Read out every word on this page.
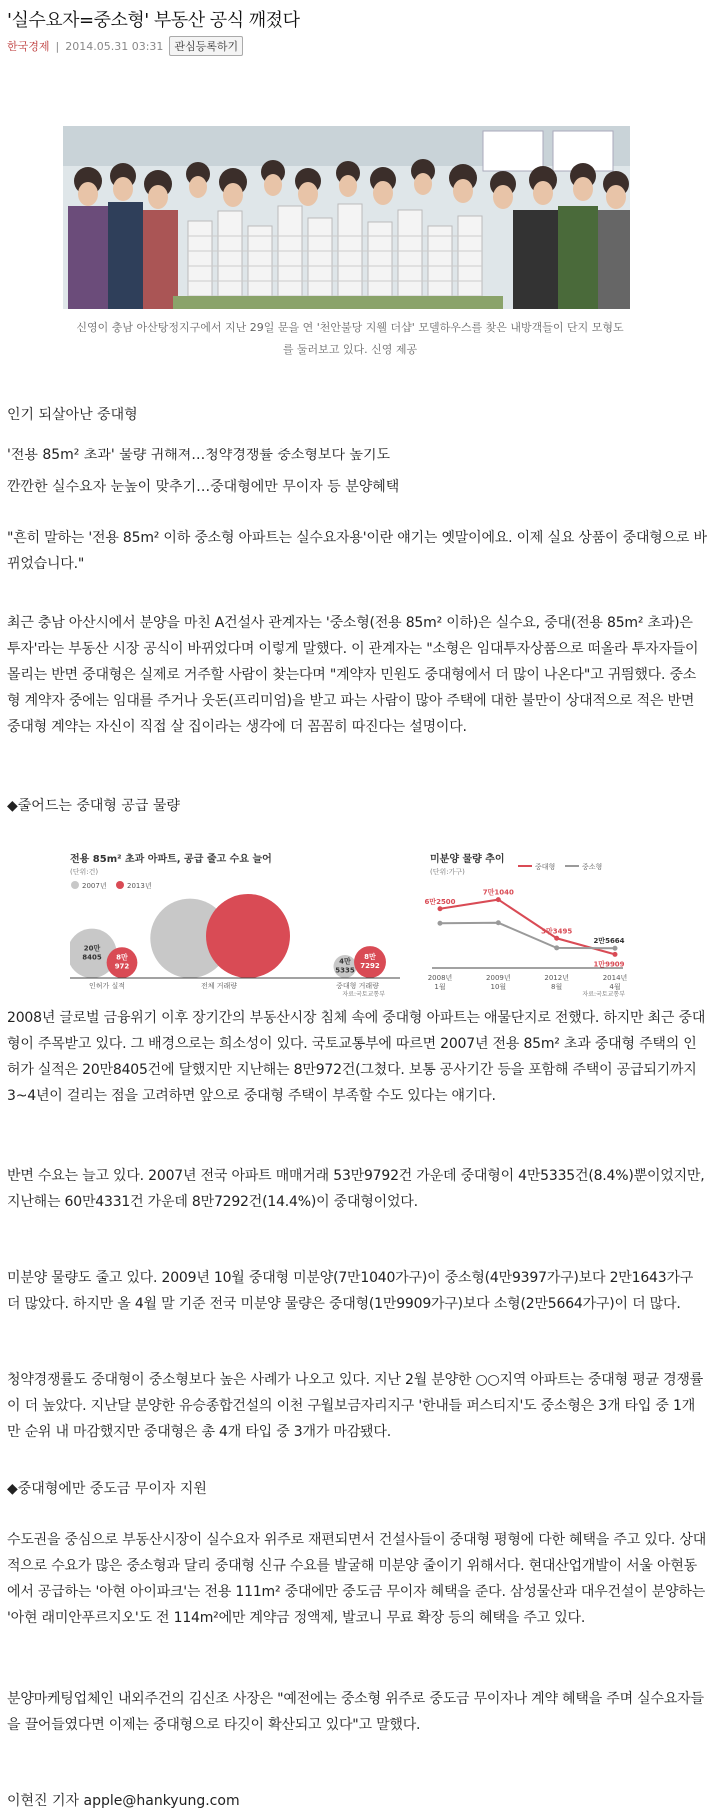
'실수요자=중소형' 부동산 공식 깨졌다
한국경제 | 2014.05.31 03:31	관심등록하기
신영이 충남 아산탕정지구에서 지난 29일 문을 연 '천안불당 지웰 더샵' 모델하우스를 찾은 내방객들이 단지 모형도
를 둘러보고 있다. 신영 제공
인기 되살아난 중대형
'전용 85m² 초과' 물량 귀해져…청약경쟁률 중소형보다 높기도
깐깐한 실수요자 눈높이 맞추기…중대형에만 무이자 등 분양혜택
"흔히 말하는 '전용 85m² 이하 중소형 아파트는 실수요자용'이란 얘기는 옛말이에요. 이제 실요 상품이 중대형으로 바뀌었습니다."
최근 충남 아산시에서 분양을 마친 A건설사 관계자는 '중소형(전용 85m² 이하)은 실수요, 중대(전용 85m² 초과)은 투자'라는 부동산 시장 공식이 바뀌었다며 이렇게 말했다. 이 관계자는 "소형은 임대투자상품으로 떠올라 투자자들이 몰리는 반면 중대형은 실제로 거주할 사람이 찾는다며 "계약자 민원도 중대형에서 더 많이 나온다"고 귀띔했다. 중소형 계약자 중에는 임대를 주거나 웃돈(프리미엄)을 받고 파는 사람이 많아 주택에 대한 불만이 상대적으로 적은 반면 중대형 계약는 자신이 직접 살 집이라는 생각에 더 꼼꼼히 따진다는 설명이다.
◆줄어드는 중대형 공급 물량
전용 85m² 초과 아파트, 공급 줄고 수요 늘어
(단위:건)
2007년	2013년
20만 8405 8만 972
인허가 실적	전체 거래량
4만 5335
8만 7292
중대형 거래량
자료:국토교통부
미분양 물량 추이
(단위:가구)
중대형	중소형
6만2500
7만1040
3만3495
1만9909
2만5664
2008년
1월
2009년
10월
2012년
8월
2014년
4월
자료:국토교통부
2008년 글로벌 금융위기 이후 장기간의 부동산시장 침체 속에 중대형 아파트는 애물단지로 전했다. 하지만 최근 중대형이 주목받고 있다. 그 배경으로는 희소성이 있다. 국토교통부에 따르면 2007년 전용 85m² 초과 중대형 주택의 인허가 실적은 20만8405건에 달했지만 지난해는 8만972건(그쳤다. 보통 공사기간 등을 포함해 주택이 공급되기까지 3~4년이 걸리는 점을 고려하면 앞으로 중대형 주택이 부족할 수도 있다는 얘기다.
반면 수요는 늘고 있다. 2007년 전국 아파트 매매거래 53만9792건 가운데 중대형이 4만5335건(8.4%)뿐이었지만, 지난해는 60만4331건 가운데 8만7292건(14.4%)이 중대형이었다.
미분양 물량도 줄고 있다. 2009년 10월 중대형 미분양(7만1040가구)이 중소형(4만9397가구)보다 2만1643가구 더 많았다. 하지만 올 4월 말 기준 전국 미분양 물량은 중대형(1만9909가구)보다 소형(2만5664가구)이 더 많다.
청약경쟁률도 중대형이 중소형보다 높은 사례가 나오고 있다. 지난 2월 분양한 ○○지역 아파트는 중대형 평균 경쟁률이 더 높았다. 지난달 분양한 유승종합건설의 이천 구월보금자리지구 '한내들 퍼스티지'도 중소형은 3개 타입 중 1개만 순위 내 마감했지만 중대형은 총 4개 타입 중 3개가 마감됐다.
◆중대형에만 중도금 무이자 지원
수도권을 중심으로 부동산시장이 실수요자 위주로 재편되면서 건설사들이 중대형 평형에 다한 혜택을 주고 있다. 상대적으로 수요가 많은 중소형과 달리 중대형 신규 수요를 발굴해 미분양 줄이기 위해서다. 현대산업개발이 서울 아현동에서 공급하는 '아현 아이파크'는 전용 111m² 중대에만 중도금 무이자 혜택을 준다. 삼성물산과 대우건설이 분양하는 '아현 래미안푸르지오'도 전 114m²에만 계약금 정액제, 발코니 무료 확장 등의 혜택을 주고 있다.
분양마케팅업체인 내외주건의 김신조 사장은 "예전에는 중소형 위주로 중도금 무이자나 계약 혜택을 주며 실수요자들을 끌어들였다면 이제는 중대형으로 타깃이 확산되고 있다"고 말했다.
이현진 기자 apple@hankyung.com
